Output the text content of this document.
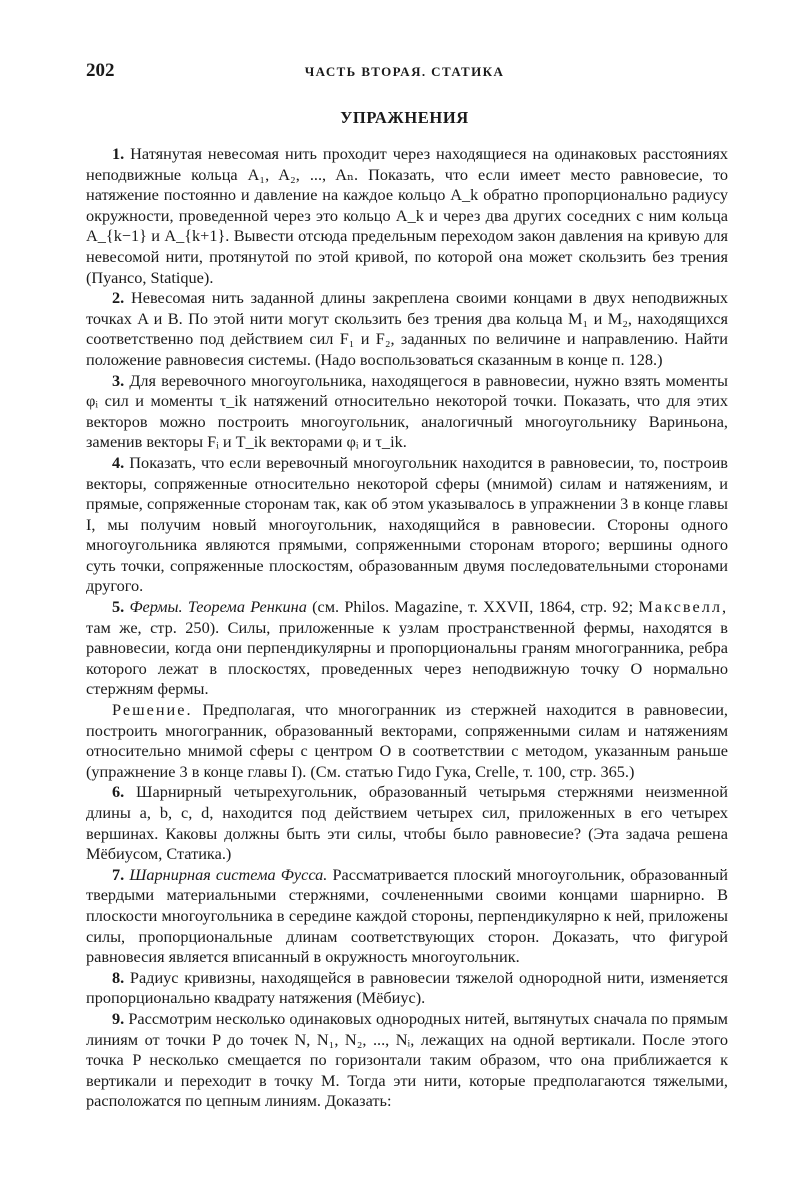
202	ЧАСТЬ ВТОРАЯ. СТАТИКА
УПРАЖНЕНИЯ

1. Натянутая невесомая нить проходит через находящиеся на одинаковых расстояниях неподвижные кольца A₁, A₂, ..., Aₙ. Показать, что если имеет место равновесие, то натяжение постоянно и давление на каждое кольцо A_k обратно пропорционально радиусу окружности, проведенной через это кольцо A_k и через два других соседних с ним кольца A_{k−1} и A_{k+1}. Вывести отсюда предельным переходом закон давления на кривую для невесомой нити, протянутой по этой кривой, по которой она может скользить без трения (Пуансо, Statique).

2. Невесомая нить заданной длины закреплена своими концами в двух неподвижных точках A и B. По этой нити могут скользить без трения два кольца M₁ и M₂, находящихся соответственно под действием сил F₁ и F₂, заданных по величине и направлению. Найти положение равновесия системы. (Надо воспользоваться сказанным в конце п. 128.)

3. Для веревочного многоугольника, находящегося в равновесии, нужно взять моменты φᵢ сил и моменты τ_ik натяжений относительно некоторой точки. Показать, что для этих векторов можно построить многоугольник, аналогичный многоугольнику Вариньона, заменив векторы Fᵢ и T_ik векторами φᵢ и τ_ik.

4. Показать, что если веревочный многоугольник находится в равновесии, то, построив векторы, сопряженные относительно некоторой сферы (мнимой) силам и натяжениям, и прямые, сопряженные сторонам так, как об этом указывалось в упражнении 3 в конце главы I, мы получим новый многоугольник, находящийся в равновесии. Стороны одного многоугольника являются прямыми, сопряженными сторонам второго; вершины одного суть точки, сопряженные плоскостям, образованным двумя последовательными сторонами другого.

5. Фермы. Теорема Ренкина (см. Philos. Magazine, т. XXVII, 1864, стр. 92; Максвелл, там же, стр. 250). Силы, приложенные к узлам пространственной фермы, находятся в равновесии, когда они перпендикулярны и пропорциональны граням многогранника, ребра которого лежат в плоскостях, проведенных через неподвижную точку O нормально стержням фермы.

Решение. Предполагая, что многогранник из стержней находится в равновесии, построить многогранник, образованный векторами, сопряженными силам и натяжениям относительно мнимой сферы с центром O в соответствии с методом, указанным раньше (упражнение 3 в конце главы I). (См. статью Гидо Гука, Crelle, т. 100, стр. 365.)

6. Шарнирный четырехугольник, образованный четырьмя стержнями неизменной длины a, b, c, d, находится под действием четырех сил, приложенных в его четырех вершинах. Каковы должны быть эти силы, чтобы было равновесие? (Эта задача решена Мёбиусом, Статика.)

7. Шарнирная система Фусса. Рассматривается плоский многоугольник, образованный твердыми материальными стержнями, сочлененными своими концами шарнирно. В плоскости многоугольника в середине каждой стороны, перпендикулярно к ней, приложены силы, пропорциональные длинам соответствующих сторон. Доказать, что фигурой равновесия является вписанный в окружность многоугольник.

8. Радиус кривизны, находящейся в равновесии тяжелой однородной нити, изменяется пропорционально квадрату натяжения (Мёбиус).

9. Рассмотрим несколько одинаковых однородных нитей, вытянутых сначала по прямым линиям от точки P до точек N, N₁, N₂, ..., Nᵢ, лежащих на одной вертикали. После этого точка P несколько смещается по горизонтали таким образом, что она приближается к вертикали и переходит в точку M. Тогда эти нити, которые предполагаются тяжелыми, расположатся по цепным линиям. Доказать:
